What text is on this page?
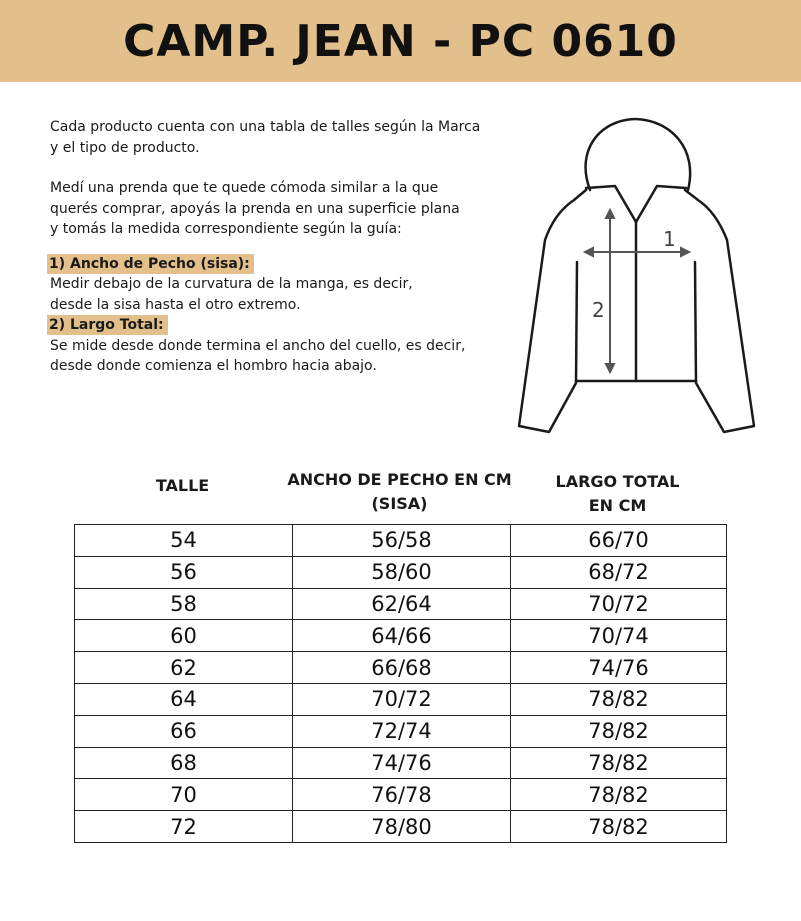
CAMP. JEAN - PC 0610

Cada producto cuenta con una tabla de talles según la Marca

y el tipo de producto.

Medí una prenda que te quede cómoda similar a la que

querés comprar, apoyás la prenda en una superficie plana

y tomás la medida correspondiente según la guía:

1) Ancho de Pecho (sisa):

Medir debajo de la curvatura de la manga, es decir,

desde la sisa hasta el otro extremo.

2) Largo Total:

Se mide desde donde termina el ancho del cuello, es decir,

desde donde comienza el hombro hacia abajo.

1
2
TALLE	ANCHO DE PECHO EN CM
(SISA)
LARGO TOTAL
EN CM
54	56/58	66/70
56	58/60	68/72
58	62/64	70/72
60	64/66	70/74
62	66/68	74/76
64	70/72	78/82
66	72/74	78/82
68	74/76	78/82
70	76/78	78/82
72	78/80	78/82
